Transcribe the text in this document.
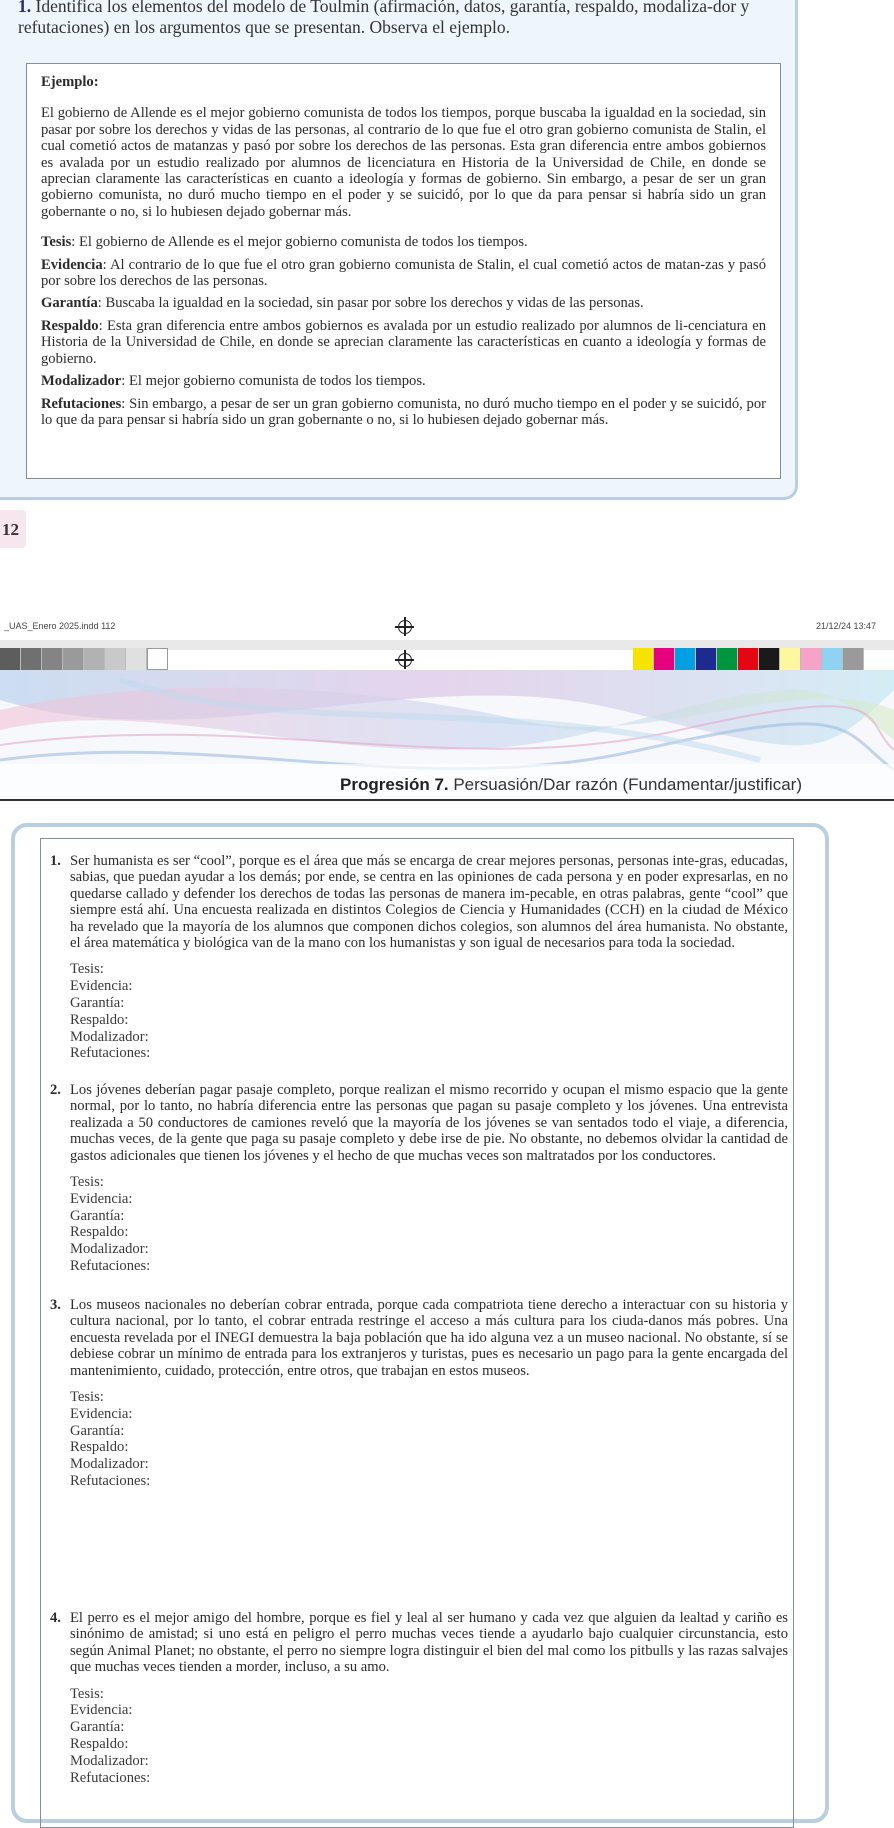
1. Identifica los elementos del modelo de Toulmin (afirmación, datos, garantía, respaldo, modaliza-dor y refutaciones) en los argumentos que se presentan. Observa el ejemplo.

Ejemplo:

El gobierno de Allende es el mejor gobierno comunista de todos los tiempos, porque buscaba la igualdad en la sociedad, sin pasar por sobre los derechos y vidas de las personas, al contrario de lo que fue el otro gran gobierno comunista de Stalin, el cual cometió actos de matanzas y pasó por sobre los derechos de las personas. Esta gran diferencia entre ambos gobiernos es avalada por un estudio realizado por alumnos de licenciatura en Historia de la Universidad de Chile, en donde se aprecian claramente las características en cuanto a ideología y formas de gobierno. Sin embargo, a pesar de ser un gran gobierno comunista, no duró mucho tiempo en el poder y se suicidó, por lo que da para pensar si habría sido un gran gobernante o no, si lo hubiesen dejado gobernar más.

Tesis: El gobierno de Allende es el mejor gobierno comunista de todos los tiempos.

Evidencia: Al contrario de lo que fue el otro gran gobierno comunista de Stalin, el cual cometió actos de matan-zas y pasó por sobre los derechos de las personas.

Garantía: Buscaba la igualdad en la sociedad, sin pasar por sobre los derechos y vidas de las personas.

Respaldo: Esta gran diferencia entre ambos gobiernos es avalada por un estudio realizado por alumnos de li-cenciatura en Historia de la Universidad de Chile, en donde se aprecian claramente las características en cuanto a ideología y formas de gobierno.

Modalizador: El mejor gobierno comunista de todos los tiempos.

Refutaciones: Sin embargo, a pesar de ser un gran gobierno comunista, no duró mucho tiempo en el poder y se suicidó, por lo que da para pensar si habría sido un gran gobernante o no, si lo hubiesen dejado gobernar más.

12
_UAS_Enero 2025.indd 112	21/12/24 13:47
Progresión 7. Persuasión/Dar razón (Fundamentar/justificar)
1. Ser humanista es ser “cool”, porque es el área que más se encarga de crear mejores personas, personas inte-gras, educadas, sabias, que puedan ayudar a los demás; por ende, se centra en las opiniones de cada persona y en poder expresarlas, en no quedarse callado y defender los derechos de todas las personas de manera im-pecable, en otras palabras, gente “cool” que siempre está ahí. Una encuesta realizada en distintos Colegios de Ciencia y Humanidades (CCH) en la ciudad de México ha revelado que la mayoría de los alumnos que componen dichos colegios, son alumnos del área humanista. No obstante, el área matemática y biológica van de la mano con los humanistas y son igual de necesarios para toda la sociedad.

Tesis:
Evidencia:
Garantía:
Respaldo:
Modalizador:
Refutaciones:
2. Los jóvenes deberían pagar pasaje completo, porque realizan el mismo recorrido y ocupan el mismo espacio que la gente normal, por lo tanto, no habría diferencia entre las personas que pagan su pasaje completo y los jóvenes. Una entrevista realizada a 50 conductores de camiones reveló que la mayoría de los jóvenes se van sentados todo el viaje, a diferencia, muchas veces, de la gente que paga su pasaje completo y debe irse de pie. No obstante, no debemos olvidar la cantidad de gastos adicionales que tienen los jóvenes y el hecho de que muchas veces son maltratados por los conductores.

Tesis:
Evidencia:
Garantía:
Respaldo:
Modalizador:
Refutaciones:
3. Los museos nacionales no deberían cobrar entrada, porque cada compatriota tiene derecho a interactuar con su historia y cultura nacional, por lo tanto, el cobrar entrada restringe el acceso a más cultura para los ciuda-danos más pobres. Una encuesta revelada por el INEGI demuestra la baja población que ha ido alguna vez a un museo nacional. No obstante, sí se debiese cobrar un mínimo de entrada para los extranjeros y turistas, pues es necesario un pago para la gente encargada del mantenimiento, cuidado, protección, entre otros, que trabajan en estos museos.

Tesis:
Evidencia:
Garantía:
Respaldo:
Modalizador:
Refutaciones:
4. El perro es el mejor amigo del hombre, porque es fiel y leal al ser humano y cada vez que alguien da lealtad y cariño es sinónimo de amistad; si uno está en peligro el perro muchas veces tiende a ayudarlo bajo cualquier circunstancia, esto según Animal Planet; no obstante, el perro no siempre logra distinguir el bien del mal como los pitbulls y las razas salvajes que muchas veces tienden a morder, incluso, a su amo.

Tesis:
Evidencia:
Garantía:
Respaldo:
Modalizador:
Refutaciones:
